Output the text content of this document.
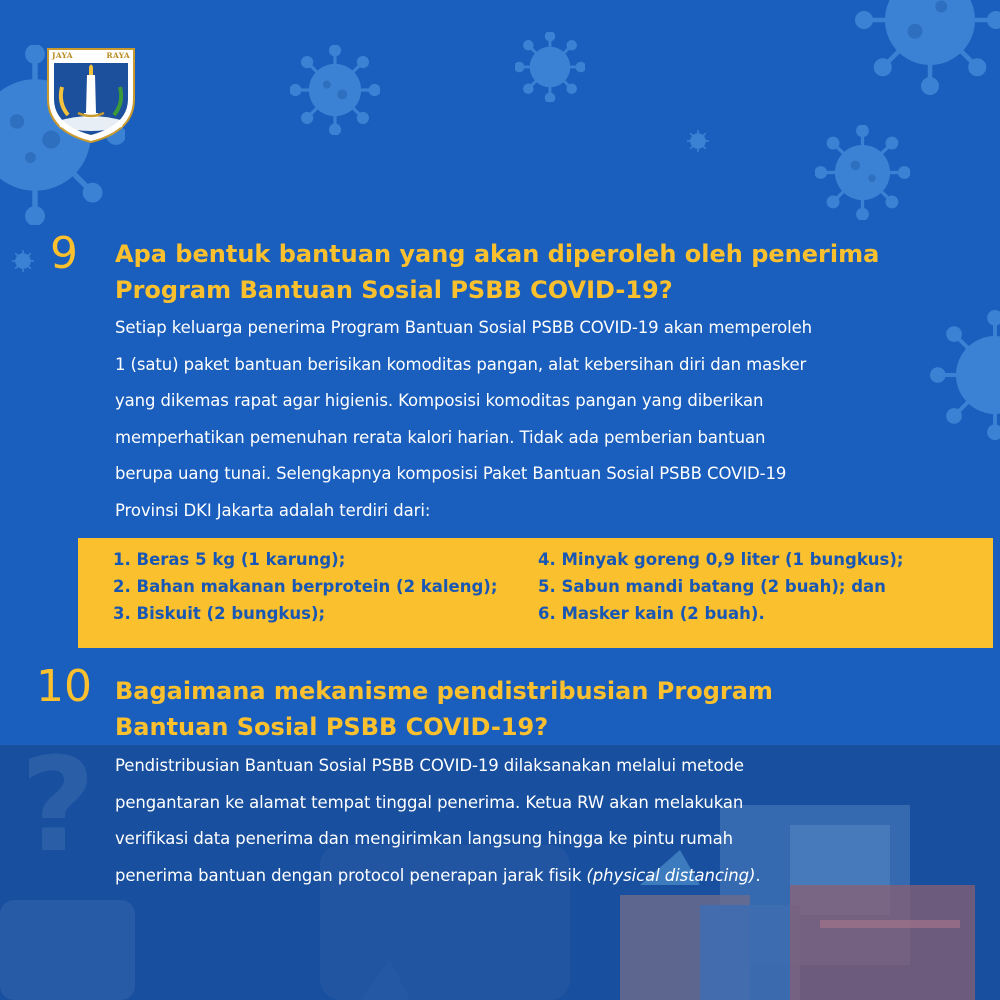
JAYA	RAYA
?
9 Apa bentuk bantuan yang akan diperoleh oleh penerima
Program Bantuan Sosial PSBB COVID-19?

Setiap keluarga penerima Program Bantuan Sosial PSBB COVID-19 akan memperoleh
1 (satu) paket bantuan berisikan komoditas pangan, alat kebersihan diri dan masker
yang dikemas rapat agar higienis. Komposisi komoditas pangan yang diberikan
memperhatikan pemenuhan rerata kalori harian. Tidak ada pemberian bantuan
berupa uang tunai. Selengkapnya komposisi Paket Bantuan Sosial PSBB COVID-19
Provinsi DKI Jakarta adalah terdiri dari:

1. Beras 5 kg (1 karung);
2. Bahan makanan berprotein (2 kaleng);
3. Biskuit (2 bungkus);
4. Minyak goreng 0,9 liter (1 bungkus);
5. Sabun mandi batang (2 buah); dan
6. Masker kain (2 buah).
10 Bagaimana mekanisme pendistribusian Program
Bantuan Sosial PSBB COVID-19?

Pendistribusian Bantuan Sosial PSBB COVID-19 dilaksanakan melalui metode
pengantaran ke alamat tempat tinggal penerima. Ketua RW akan melakukan
verifikasi data penerima dan mengirimkan langsung hingga ke pintu rumah
penerima bantuan dengan protocol penerapan jarak fisik (physical distancing).
